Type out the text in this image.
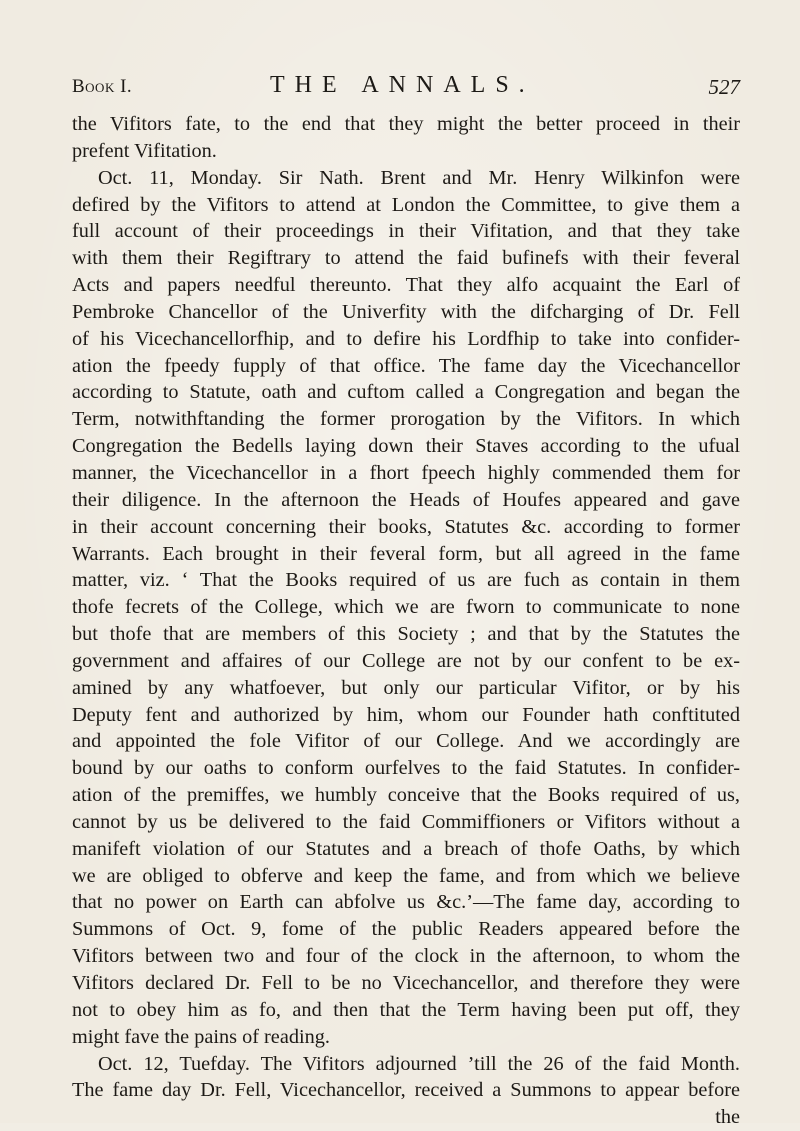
Book I.	THE ANNALS.	527
the Vifitors fate, to the end that they might the better proceed in their
prefent Vifitation.
Oct. 11, Monday. Sir Nath. Brent and Mr. Henry Wilkinfon were
defired by the Vifitors to attend at London the Committee, to give them a
full account of their proceedings in their Vifitation, and that they take
with them their Regiftrary to attend the faid bufinefs with their feveral
Acts and papers needful thereunto. That they alfo acquaint the Earl of
Pembroke Chancellor of the Univerfity with the difcharging of Dr. Fell
of his Vicechancellorfhip, and to defire his Lordfhip to take into confider-
ation the fpeedy fupply of that office. The fame day the Vicechancellor
according to Statute, oath and cuftom called a Congregation and began the
Term, notwithftanding the former prorogation by the Vifitors. In which
Congregation the Bedells laying down their Staves according to the ufual
manner, the Vicechancellor in a fhort fpeech highly commended them for
their diligence. In the afternoon the Heads of Houfes appeared and gave
in their account concerning their books, Statutes &c. according to former
Warrants. Each brought in their feveral form, but all agreed in the fame
matter, viz. ‘ That the Books required of us are fuch as contain in them
thofe fecrets of the College, which we are fworn to communicate to none
but thofe that are members of this Society ; and that by the Statutes the
government and affaires of our College are not by our confent to be ex-
amined by any whatfoever, but only our particular Vifitor, or by his
Deputy fent and authorized by him, whom our Founder hath conftituted
and appointed the fole Vifitor of our College. And we accordingly are
bound by our oaths to conform ourfelves to the faid Statutes. In confider-
ation of the premiffes, we humbly conceive that the Books required of us,
cannot by us be delivered to the faid Commiffioners or Vifitors without a
manifeft violation of our Statutes and a breach of thofe Oaths, by which
we are obliged to obferve and keep the fame, and from which we believe
that no power on Earth can abfolve us &c.’—The fame day, according to
Summons of Oct. 9, fome of the public Readers appeared before the
Vifitors between two and four of the clock in the afternoon, to whom the
Vifitors declared Dr. Fell to be no Vicechancellor, and therefore they were
not to obey him as fo, and then that the Term having been put off, they
might fave the pains of reading.
Oct. 12, Tuefday. The Vifitors adjourned ’till the 26 of the faid Month.
The fame day Dr. Fell, Vicechancellor, received a Summons to appear before
the
